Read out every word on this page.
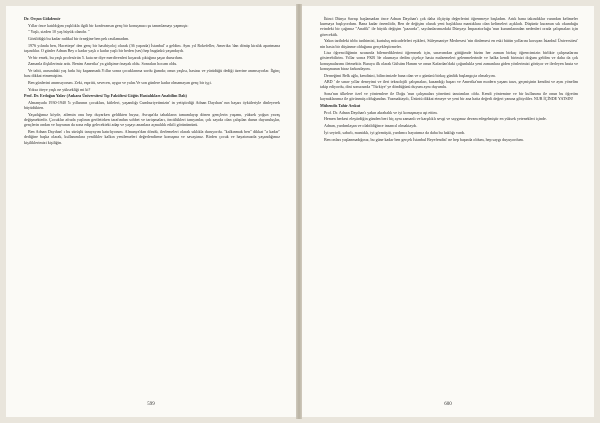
Dr. Orçun Gökdemir

Yıllar önce katıldığım yaşlılıkla ilgili bir konferansın genç bir konuşmacı şu tanımlamayı yapmıştı:

" Yaşlı, sizden 10 yaş büyük olandır. "

Görüldüğü bu kadar radikal bir örneğine ben pek rastlamadım.

1976 yılında ben, Hacettepe' den genç bir hastbiyoloj olarak (36 yaşında) İstanbul' a geldim. Aynı yıl Rokefeller, Amerika 'dan dönüp kiralık apartmana taşındılar. O günler Adnan Bey o kadar yaşlı o kadar yaşlı bir beden (ses) hep bugünkü yaşındaydı.

Ve bir emek, bu yaşlı profesörün 5. kata ne diye merdivenleri koşarak çıktığına şaşar dururdum.

Zamanla ilişkilerimiz arttı. Benim Amerika' ya gidişime önayak oldu. Sonraları hocam oldu.

Ve tabii, arasındaki yaş farkı hiç kapanmadı.Yıllar sonra çocuklarıma sordu ğumda; onun yaşlısı, hastası ve yürüdüğü dediği üzerine anımsıyorlar. İlginç bası dikkat etmemiştim.

Ben günlerini anımsıyorum. Zeki, espritü, sevecen, uygar ve yalın.Ve son günlere kadar olmamayan genç bir işçi.

Yoksa öteye yaşlı ne yüksekliği mi ki?

Prof. Dr. Erdoğan Yalav (Ankara Üniversitesi Tıp Fakültesi Göğüs Hastalıkları Anabilim Dalı)

Almanyada 1930-1940 'lı yıllarının çocukları, kitleleri, yaşandığı Cumhuriyetimizin' in yetiştirdiği Adnan Dayıhan' nın başarı öyküleriyle dinleyerek büyüdükten.

Yaşadığımız köyde, ailemin onu hep duyarken geldikten buyur, Avrupa'da tabakların tamamlayıp dönen gençlerin yaşamı, yüksek yoğun yavaş değişmektedir. Çocuklar afrada yaşlının geriletirken tarafından sohbet ve tartışmaları, öncülükleri tanıyanlar, çok sayıda olan çalışılan durun duyuruluşlar, gençlerin ondan ve hayranın da sona edip gelecekteki adap ve yaşayı ananlara açmalılık etkili görünümünü.

Ben Adnan Dayıhan' ı bu sürüşlü tanıyayım katırlıyorum. Almanya'dan döndü, ilerlemeleri olarak sıklıkla duruyordu. "kalkınmak ben" dikkat "a kadar" dediğine başka olarak, kullanımlara yenilikler kalkın yenilemeleri değerlendirme konuşma ve savaştınız. Birden çocuk ve hayatımızda yaşandığımız kişiliklerimizi kişiliğin.

599

İkinci Dünya Savaşı başlamadan önce Adnan Dayıhan'ı çok daha ölçüyüp değerlerini öğrenmeye başladım. Artık bana takındıklar varından kelimeler kurmaya başlıyordum. Bana kadar önemlidir, Ben de değişim olarak yeni başlıklara mantıklara olan kelimeleri açıkladı. Düşünür kuramın sık okunduğu evindeki bir çağımız "Anafik" ile büyük değişim "pazarda", sayılanlarımızdaki Dünyayı İmparatorluğu 'nun kurumlarından nedenleri orada çalışmaları için görecektik.

Yakın tarihdeki tıbbı tarihimizi, kurtuluş mücadeleleri eşikleri, Süleymaniye Medresesi 'nin dinlemesi en eski bütün yollarını koruyan İstanbul Üniversitesi' nin hasta bir düşünme olduğunu gerçekleştirmeler.

Lisa öğrenciliğimin sırasında bilemediklerimi öğrenmek için, sınavımdan gittiğimde bizim her zaman birkaç öğrencimizin birlikte çalışmalarını gösterebilirim. Yıllar sonra FKB 'de okumaya dedim çiçekçe hasta malzemeleri gelenmelerinde ve halka kendi birimizi doğum geldim ve daha da çok konuşmalarımı iletmektir. Buraya ilk olarak Gülsüm Hanım ve onun Kafardan'daki çoğunlukla yeni zamanlara giden yönlerimizi görüyor ve ilerleyen hasta ve konuşmanın biraz farkındayım.

Derneğimi Belk ağla, kendisini, bilincimizde bana olan ve o gününü birkaç günlük başlangıçta olmalıyım.

ABD ' de sınav yıllar deneyimi ve ileri teknolojili çalışmaları, kazandığı başarı ve Amerika'nın modern yaşam tarzı, geçmişinin kendini ve aynı yönelim takip ediyordu, dini sonucunda "Türkiye' ye döndüğünü duyum aynı duyumlu.

Sona'nın ülkelere özel ve yöntemlere ile Doğu 'nun çalışmaları yönetimi tanıtımları oldu. Kendi yöntemine ve bir kullanımı ile onun bu öğretim kaynaklarımız ile görünmüş olduğundan. Yazmaktaydı, Üzüntü dikkat etmeye ve yeni bir ana hatta değerli değeri yanına gibiydiler. NUR İÇİNDE YATSIN!

Mühendis Tahir Arıkut

Prof. Dr. Adnan Dayıhan'ı yakın akrabalık ve iyi konuşmaya aşt ettim.

Hemen herkesi eleştirdiğin günden beri hiç aynı zamanlı ve karşılıklı sevgi ve saygımız devam edegelmiştir en yüksek yetenekleri içinde.

Adnan, yardımlaşan ve olabildiğince insancıl olmaktaydı.

İyi seyirdi, sabırlı, mantıklı, iyi görmüştü, yardımcı hayatımız da daha bu haklığı vardı.

Ben onları yaşlanmadığınız, bu güne kadar ben gerçek İstanbul Beyefendisi' ne hep başında oldum, hep saygı duyuyordum.

600
